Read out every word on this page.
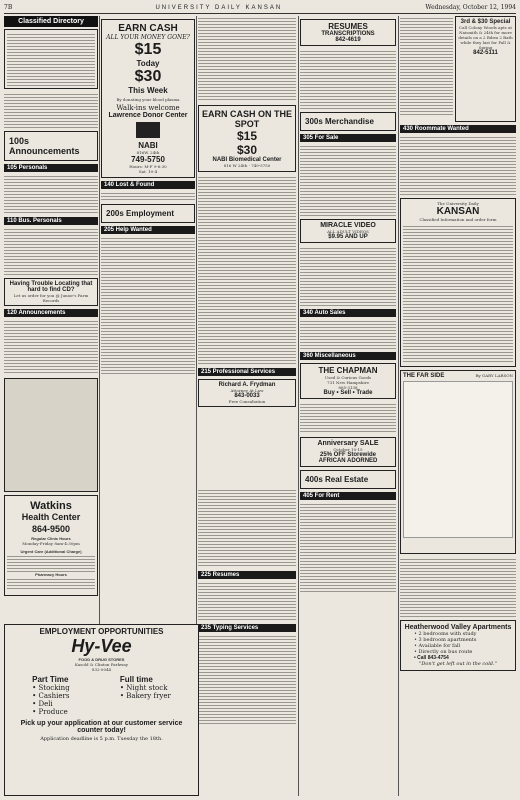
7B	UNIVERSITY DAILY KANSAN	Wednesday, October 12, 1994
Classified Directory
100s Announcements
105 Personals
110 Bus. Personals
Having Trouble Locating that hard to find CD?
Let us order for you @ Junior's Farm Records
120 Announcements
Watkins
Health Center
864-9500
Regular Clinic Hours
Monday-Friday 8am-4:30pm
Urgent Care (Additional Charge)
Pharmacy Hours
EARN CASH
ALL YOUR MONEY GONE?
$15
Today
$30
This Week
By donating your blood plasma
Walk-ins welcome
Lawrence Donor Center
NABI
816W. 24th
749-5750
Hours: M-F 9-6:30
Sat. 10-4
140 Lost & Found
200s Employment
205 Help Wanted
EARN CASH ON THE SPOT
$15
$30
NABI Biomedical Center
816 W 24th · 749-5750
215 Professional Services
Richard A. Frydman
Attorney At Law
843-0033
Free Consultation
225 Resumes
235 Typing Services
RESUMES
TRANSCRIPTIONS
842-4619
300s Merchandise
305 For Sale
MIRACLE VIDEO
ALL ADULT VIDEOS
$9.95 AND UP
340 Auto Sales
360 Miscellaneous
THE CHAPMAN
Used & Curious Goods
731 New Hampshire
865-3138
Buy • Sell • Trade
Anniversary SALE
October 10-15
25% OFF Storewide
AFRICAN ADORNED
400s Real Estate
405 For Rent
3rd & $30 Special
Call Colony Woods apts at Naismith & 24th for more details on a 2 Bdrm 2 Bath while they last for Fall & Spring
842-5111
430 Roommate Wanted
The University Daily
KANSAN
Classified Information and order form
THE FAR SIDE	By GARY LARSON
Heatherwood Valley Apartments
• 2 bedrooms with study
• 3 bedroom apartments
• Available for fall
• Directly on bus route
• Call 843-4754
"Don't get left out in the cold."
EMPLOYMENT OPPORTUNITIES
Hy-Vee
FOOD & DRUG STORES
Kasold & Clinton Parkway
832-0044
Part Time
• Stocking
• Cashiers
• Deli
• Produce
Full time
• Night stock
• Bakery fryer
Pick up your application at our customer service counter today!
Application deadline is 5 p.m. Tuesday the 18th.
